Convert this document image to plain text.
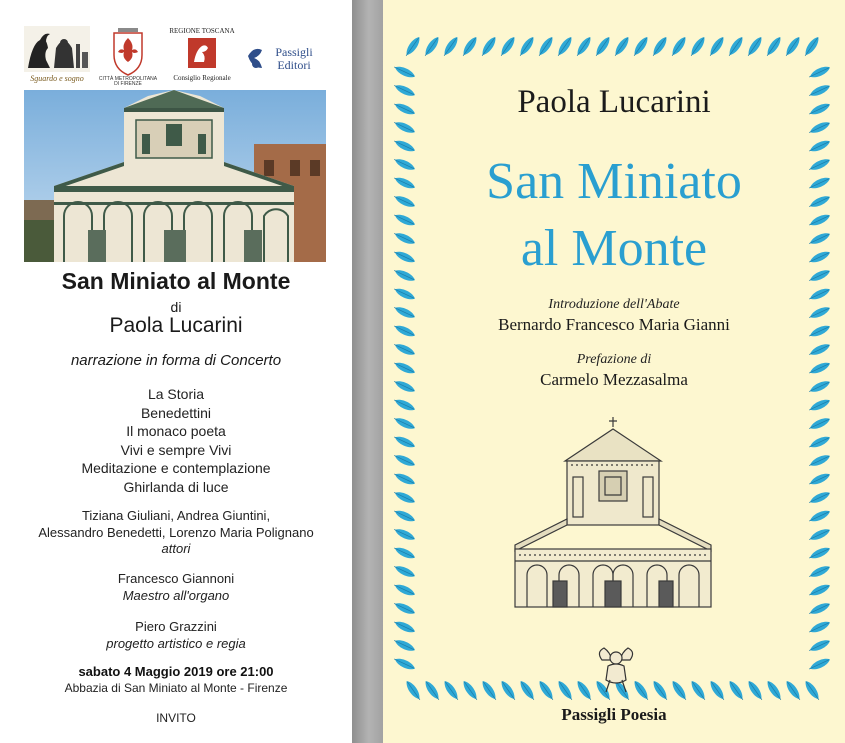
Sguardo e sogno	CITTÀ METROPOLITANA
DI FIRENZE
REGIONE TOSCANA
Consiglio Regionale
Passigli
Editori
San Miniato al Monte
di
Paola Lucarini
narrazione in forma di Concerto
La Storia
Benedettini
Il monaco poeta
Vivi e sempre Vivi
Meditazione e contemplazione
Ghirlanda di luce
Tiziana Giuliani, Andrea Giuntini,
Alessandro Benedetti, Lorenzo Maria Polignano
attori
Francesco Giannoni
Maestro all'organo
Piero Grazzini
progetto artistico e regia
sabato 4 Maggio 2019 ore 21:00
Abbazia di San Miniato al Monte - Firenze
INVITO
Paola Lucarini
San Miniato
al Monte
Introduzione dell'Abate
Bernardo Francesco Maria Gianni
Prefazione di
Carmelo Mezzasalma
Passigli Poesia
